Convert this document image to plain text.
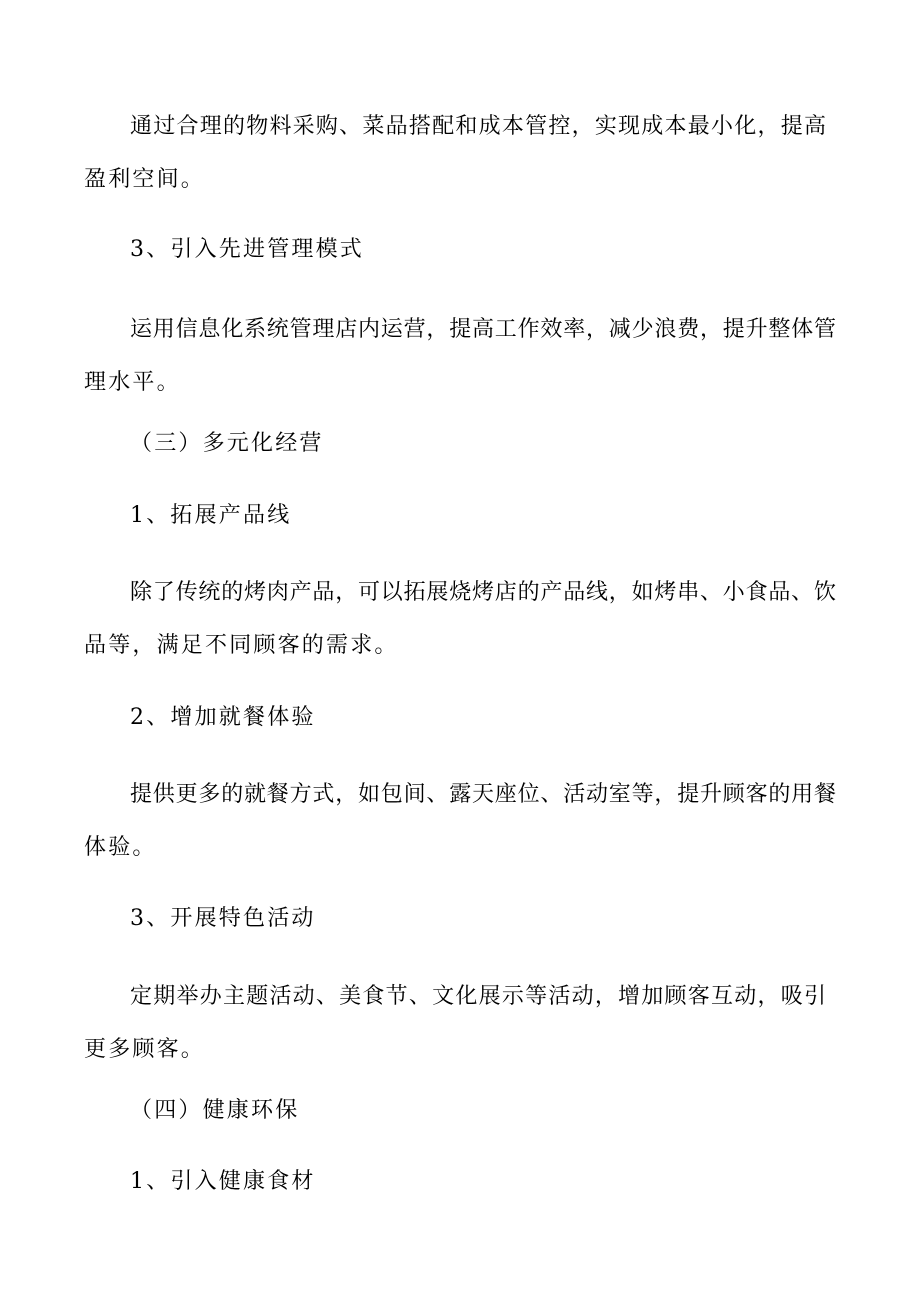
通过合理的物料采购、菜品搭配和成本管控，实现成本最小化，提高
盈利空间。
3、引入先进管理模式
运用信息化系统管理店内运营，提高工作效率，减少浪费，提升整体管
理水平。
（三）多元化经营
1、拓展产品线
除了传统的烤肉产品，可以拓展烧烤店的产品线，如烤串、小食品、饮
品等，满足不同顾客的需求。
2、增加就餐体验
提供更多的就餐方式，如包间、露天座位、活动室等，提升顾客的用餐
体验。
3、开展特色活动
定期举办主题活动、美食节、文化展示等活动，增加顾客互动，吸引
更多顾客。
（四）健康环保
1、引入健康食材
